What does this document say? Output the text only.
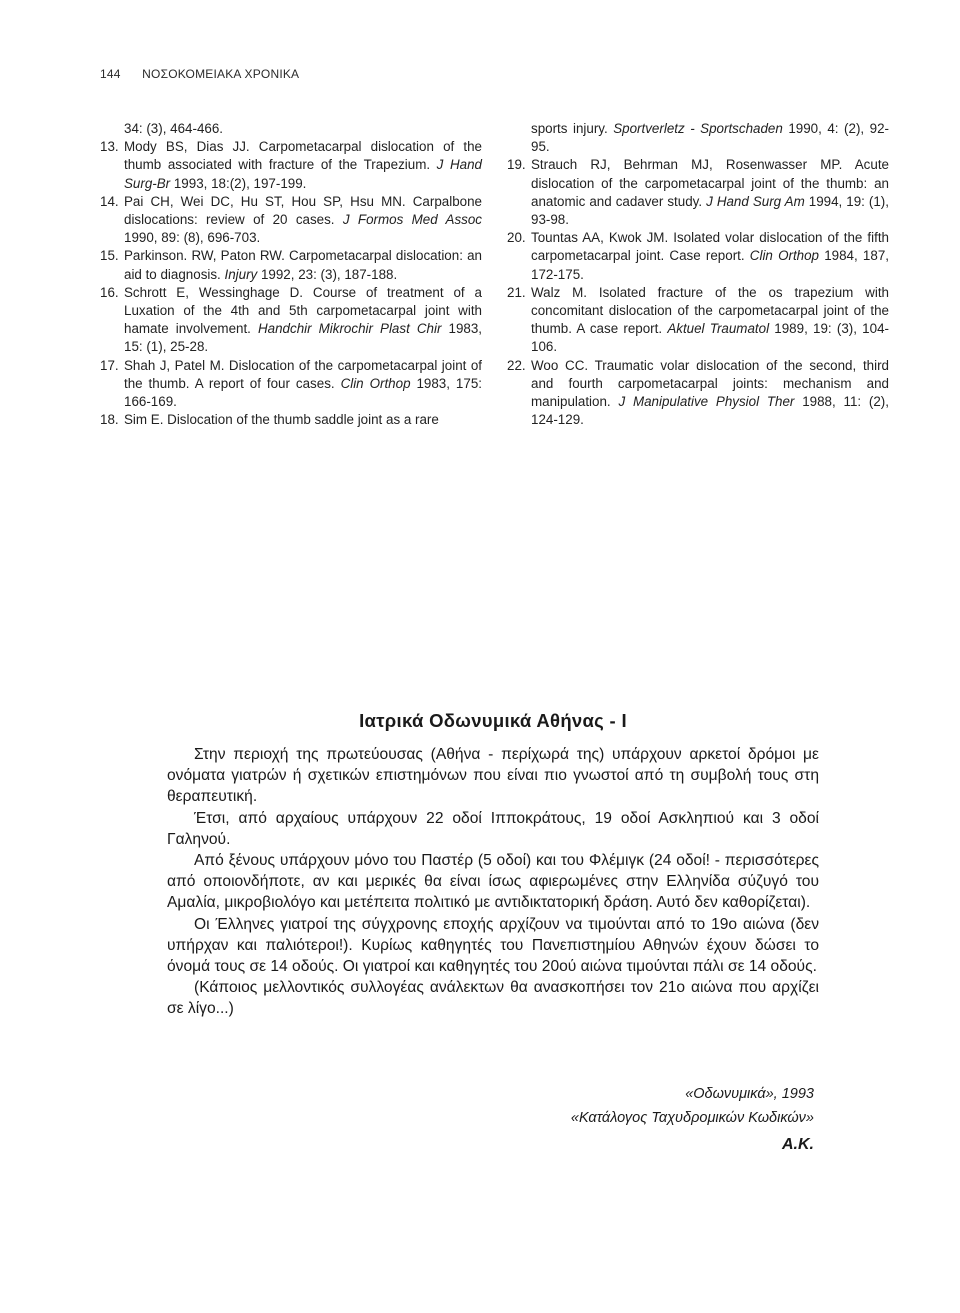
144 ΝΟΣΟΚΟΜΕΙΑΚΑ ΧΡΟΝΙΚΑ

34: (3), 464-466.

13. Mody BS, Dias JJ. Carpometacarpal dislocation of the thumb associated with fracture of the Trapezium. J Hand Surg-Br 1993, 18:(2), 197-199.

14. Pai CH, Wei DC, Hu ST, Hou SP, Hsu MN. Carpalbone dislocations: review of 20 cases. J Formos Med Assoc 1990, 89: (8), 696-703.

15. Parkinson. RW, Paton RW. Carpometacarpal dislocation: an aid to diagnosis. Injury 1992, 23: (3), 187-188.

16. Schrott E, Wessinghage D. Course of treatment of a Luxation of the 4th and 5th carpometacarpal joint with hamate involvement. Handchir Mikrochir Plast Chir 1983, 15: (1), 25-28.

17. Shah J, Patel M. Dislocation of the carpometacarpal joint of the thumb. A report of four cases. Clin Orthop 1983, 175: 166-169.

18. Sim E. Dislocation of the thumb saddle joint as a rare

sports injury. Sportverletz - Sportschaden 1990, 4: (2), 92-95.

19. Strauch RJ, Behrman MJ, Rosenwasser MP. Acute dislocation of the carpometacarpal joint of the thumb: an anatomic and cadaver study. J Hand Surg Am 1994, 19: (1), 93-98.

20. Tountas AA, Kwok JM. Isolated volar dislocation of the fifth carpometacarpal joint. Case report. Clin Orthop 1984, 187, 172-175.

21. Walz M. Isolated fracture of the os trapezium with concomitant dislocation of the carpometacarpal joint of the thumb. A case report. Aktuel Traumatol 1989, 19: (3), 104-106.

22. Woo CC. Traumatic volar dislocation of the second, third and fourth carpometacarpal joints: mechanism and manipulation. J Manipulative Physiol Ther 1988, 11: (2), 124-129.

Ιατρικά Οδωνυμικά Αθήνας - Ι

Στην περιοχή της πρωτεύουσας (Αθήνα - περίχωρά της) υπάρχουν αρκετοί δρόμοι με ονόματα γιατρών ή σχετικών επιστημόνων που είναι πιο γνωστοί από τη συμβολή τους στη θεραπευτική.

Έτσι, από αρχαίους υπάρχουν 22 οδοί Ιπποκράτους, 19 οδοί Ασκληπιού και 3 οδοί Γαληνού.

Από ξένους υπάρχουν μόνο του Παστέρ (5 οδοί) και του Φλέμιγκ (24 οδοί! - περισσότερες από οποιονδήποτε, αν και μερικές θα είναι ίσως αφιερωμένες στην Ελληνίδα σύζυγό του Αμαλία, μικροβιολόγο και μετέπειτα πολιτικό με αντιδικτατορική δράση. Αυτό δεν καθορίζεται).

Οι Έλληνες γιατροί της σύγχρονης εποχής αρχίζουν να τιμούνται από το 19ο αιώνα (δεν υπήρχαν και παλιότεροι!). Κυρίως καθηγητές του Πανεπιστημίου Αθηνών έχουν δώσει το όνομά τους σε 14 οδούς. Οι γιατροί και καθηγητές του 20ού αιώνα τιμούνται πάλι σε 14 οδούς.

(Κάποιος μελλοντικός συλλογέας ανάλεκτων θα ανασκοπήσει τον 21ο αιώνα που αρχίζει σε λίγο...)

«Οδωνυμικά», 1993
«Κατάλογος Ταχυδρομικών Κωδικών»
Α.Κ.
